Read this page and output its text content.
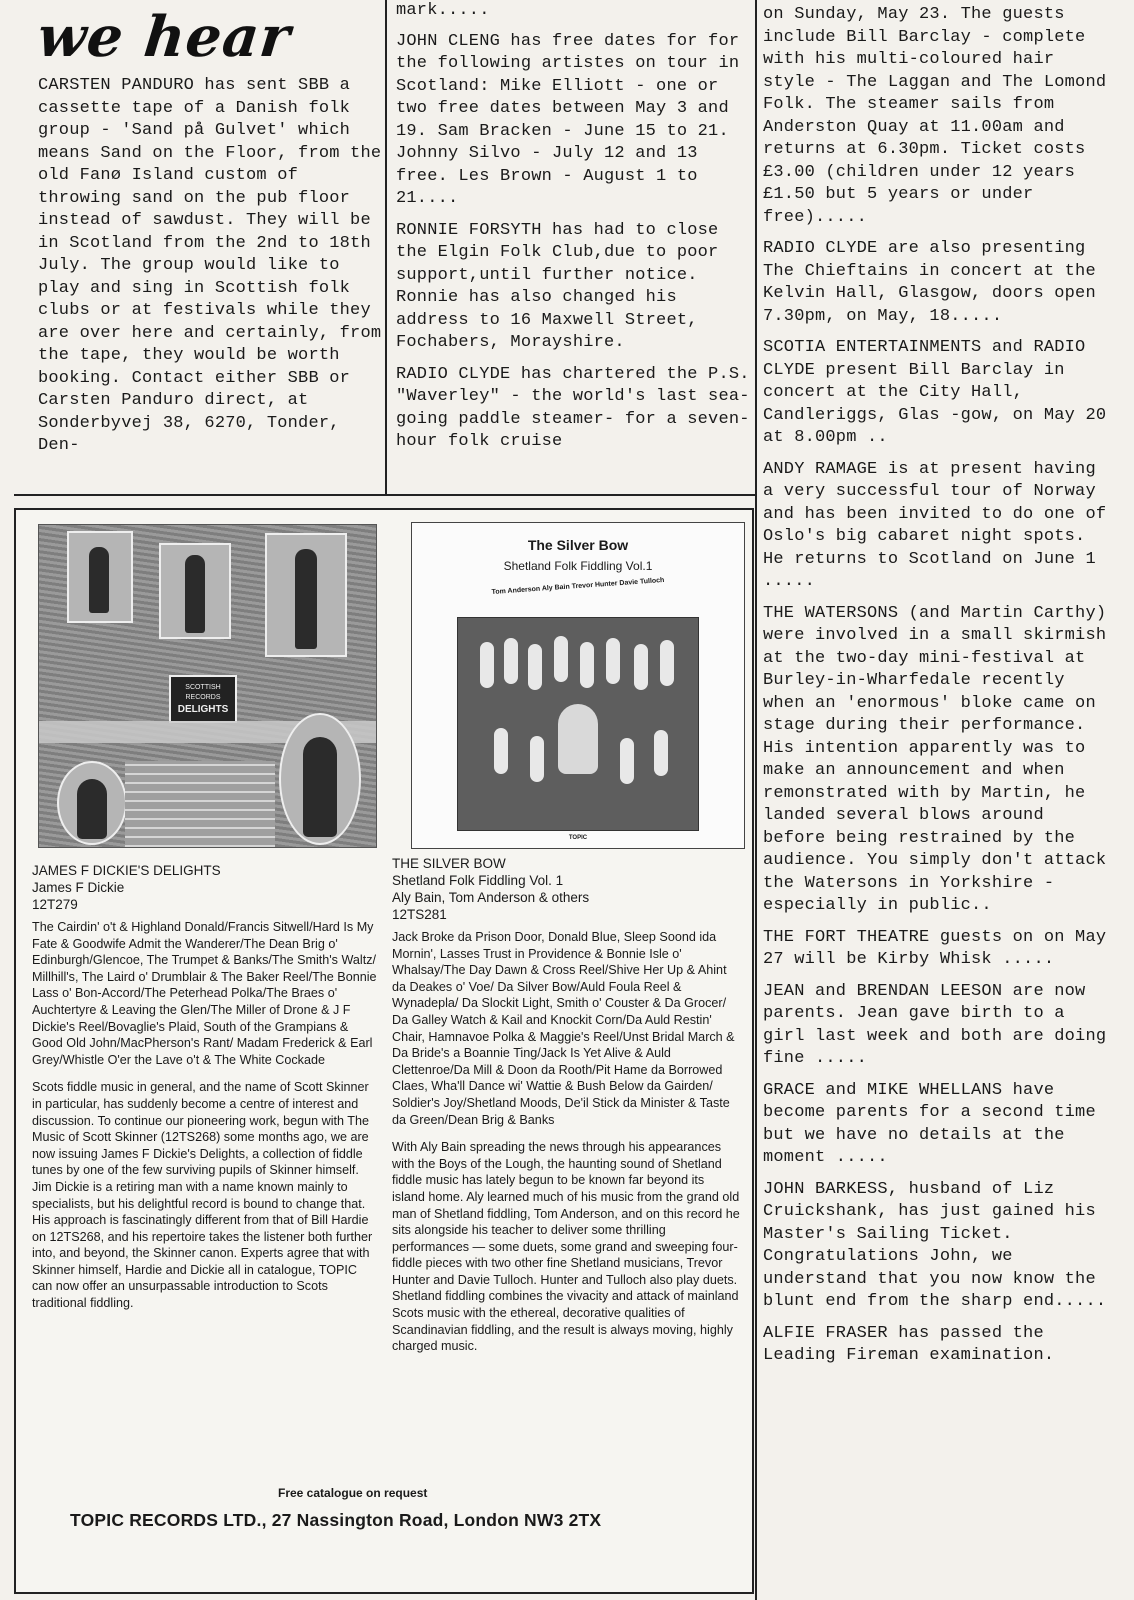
we hear

CARSTEN PANDURO has sent SBB a cassette tape of a Danish folk group - 'Sand på Gulvet' which means Sand on the Floor, from the old Fanø Island custom of throwing sand on the pub floor instead of sawdust. They will be in Scotland from the 2nd to 18th July. The group would like to play and sing in Scottish folk clubs or at festivals while they are over here and certainly, from the tape, they would be worth booking. Contact either SBB or Carsten Panduro direct, at Sonderbyvej 38, 6270, Tonder, Den-

mark.....

JOHN CLENG has free dates for for the following artistes on tour in Scotland: Mike Elliott - one or two free dates between May 3 and 19. Sam Bracken - June 15 to 21. Johnny Silvo - July 12 and 13 free. Les Brown - August 1 to 21....

RONNIE FORSYTH has had to close the Elgin Folk Club,due to poor support,until further notice. Ronnie has also changed his address to 16 Maxwell Street, Fochabers, Morayshire.

RADIO CLYDE has chartered the P.S. "Waverley" - the world's last sea-going paddle steamer- for a seven-hour folk cruise

on Sunday, May 23. The guests include Bill Barclay - complete with his multi-coloured hair style - The Laggan and The Lomond Folk. The steamer sails from Anderston Quay at 11.00am and returns at 6.30pm. Ticket costs £3.00 (children under 12 years £1.50 but 5 years or under free).....

RADIO CLYDE are also presenting The Chieftains in concert at the Kelvin Hall, Glasgow, doors open 7.30pm, on May, 18.....

SCOTIA ENTERTAINMENTS and RADIO CLYDE present Bill Barclay in concert at the City Hall, Candleriggs, Glas -gow, on May 20 at 8.00pm ..

ANDY RAMAGE is at present having a very successful tour of Norway and has been invited to do one of Oslo's big cabaret night spots. He returns to Scotland on June 1 .....

THE WATERSONS (and Martin Carthy) were involved in a small skirmish at the two-day mini-festival at Burley-in-Wharfedale recently when an 'enormous' bloke came on stage during their performance. His intention apparently was to make an announcement and when remonstrated with by Martin, he landed several blows around before being restrained by the audience. You simply don't attack the Watersons in Yorkshire - especially in public..

THE FORT THEATRE guests on on May 27 will be Kirby Whisk .....

JEAN and BRENDAN LEESON are now parents. Jean gave birth to a girl last week and both are doing fine .....

GRACE and MIKE WHELLANS have become parents for a second time but we have no details at the moment .....

JOHN BARKESS, husband of Liz Cruickshank, has just gained his Master's Sailing Ticket. Congratulations John, we understand that you now know the blunt end from the sharp end.....

ALFIE FRASER has passed the Leading Fireman examination.

SCOTTISH RECORDS
DELIGHTS
The Silver Bow
Shetland Folk Fiddling Vol.1
Tom Anderson Aly Bain Trevor Hunter Davie Tulloch
TOPIC
JAMES F DICKIE'S DELIGHTS
James F Dickie
12T279

The Cairdin' o't & Highland Donald/Francis Sitwell/Hard Is My Fate & Goodwife Admit the Wanderer/The Dean Brig o' Edinburgh/Glencoe, The Trumpet & Banks/The Smith's Waltz/ Millhill's, The Laird o' Drumblair & The Baker Reel/The Bonnie Lass o' Bon-Accord/The Peterhead Polka/The Braes o' Auchtertyre & Leaving the Glen/The Miller of Drone & J F Dickie's Reel/Bovaglie's Plaid, South of the Grampians & Good Old John/MacPherson's Rant/ Madam Frederick & Earl Grey/Whistle O'er the Lave o't & The White Cockade

Scots fiddle music in general, and the name of Scott Skinner in particular, has suddenly become a centre of interest and discussion. To continue our pioneering work, begun with The Music of Scott Skinner (12TS268) some months ago, we are now issuing James F Dickie's Delights, a collection of fiddle tunes by one of the few surviving pupils of Skinner himself. Jim Dickie is a retiring man with a name known mainly to specialists, but his delightful record is bound to change that. His approach is fascinatingly different from that of Bill Hardie on 12TS268, and his repertoire takes the listener both further into, and beyond, the Skinner canon. Experts agree that with Skinner himself, Hardie and Dickie all in catalogue, TOPIC can now offer an unsurpassable introduction to Scots traditional fiddling.

THE SILVER BOW
Shetland Folk Fiddling Vol. 1
Aly Bain, Tom Anderson & others
12TS281

Jack Broke da Prison Door, Donald Blue, Sleep Soond ida Mornin', Lasses Trust in Providence & Bonnie Isle o' Whalsay/The Day Dawn & Cross Reel/Shive Her Up & Ahint da Deakes o' Voe/ Da Silver Bow/Auld Foula Reel & Wynadepla/ Da Slockit Light, Smith o' Couster & Da Grocer/ Da Galley Watch & Kail and Knockit Corn/Da Auld Restin' Chair, Hamnavoe Polka & Maggie's Reel/Unst Bridal March & Da Bride's a Boannie Ting/Jack Is Yet Alive & Auld Clettenroe/Da Mill & Doon da Rooth/Pit Hame da Borrowed Claes, Wha'll Dance wi' Wattie & Bush Below da Gairden/ Soldier's Joy/Shetland Moods, De'il Stick da Minister & Taste da Green/Dean Brig & Banks

With Aly Bain spreading the news through his appearances with the Boys of the Lough, the haunting sound of Shetland fiddle music has lately begun to be known far beyond its island home. Aly learned much of his music from the grand old man of Shetland fiddling, Tom Anderson, and on this record he sits alongside his teacher to deliver some thrilling performances — some duets, some grand and sweeping four-fiddle pieces with two other fine Shetland musicians, Trevor Hunter and Davie Tulloch. Hunter and Tulloch also play duets. Shetland fiddling combines the vivacity and attack of mainland Scots music with the ethereal, decorative qualities of Scandinavian fiddling, and the result is always moving, highly charged music.

Free catalogue on request
TOPIC RECORDS LTD., 27 Nassington Road, London NW3 2TX
